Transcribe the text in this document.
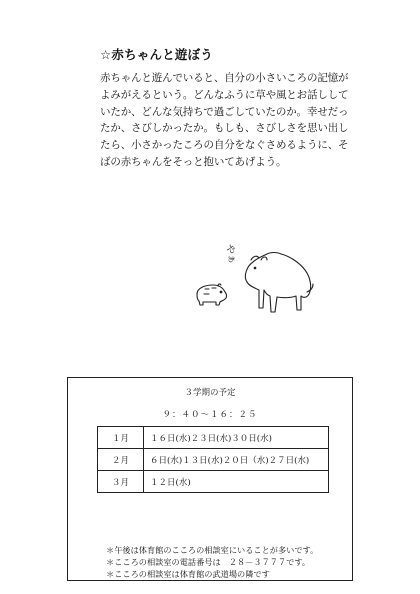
☆赤ちゃんと遊ぼう
赤ちゃんと遊んでいると、自分の小さいころの記憶が
よみがえるという。どんなふうに草や風とお話しして
いたか、どんな気持ちで過ごしていたのか。幸せだっ
たか、さびしかったか。もしも、さびしさを思い出し
たら、小さかったころの自分をなぐさめるように、そ
ばの赤ちゃんをそっと抱いてあげよう。
やぁ
３学期の予定
９：４０〜１６：２５
１月	１６日(水)２３日(水)３０日(水)
２月	６日(水)１３日(水)２０日（水)２７日(水)
３月	１２日(水)
＊午後は体育館のこころの相談室にいることが多いです。
＊こころの相談室の電話番号は　２８－３７７７です。
＊こころの相談室は体育館の武道場の隣です
